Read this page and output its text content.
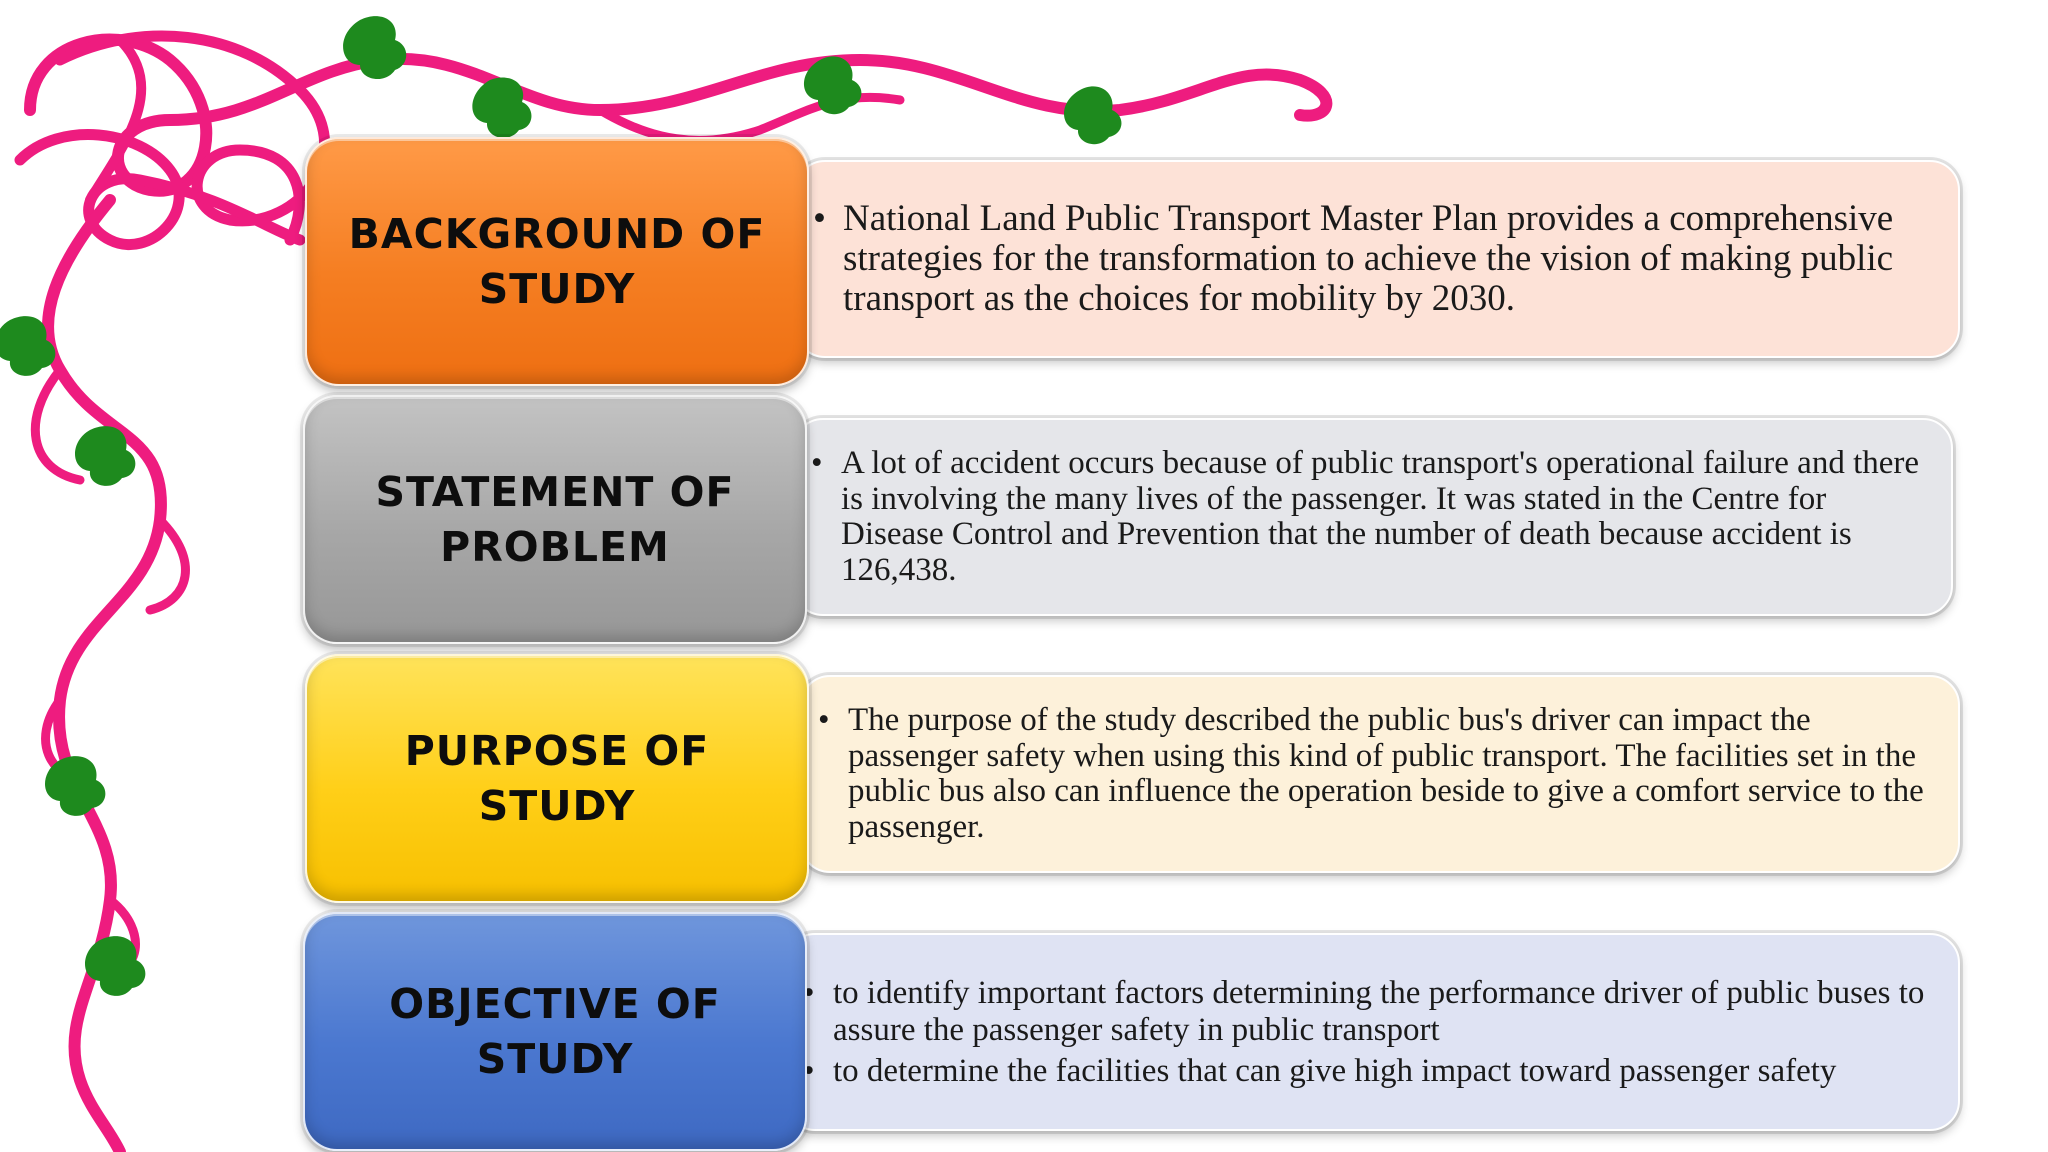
BACKGROUND OF
STUDY
• National Land Public Transport Master Plan provides a comprehensive strategies for the transformation to achieve the vision of making public transport as the choices for mobility by 2030.
STATEMENT OF
PROBLEM
• A lot of accident occurs because of public transport's operational failure and there is involving the many lives of the passenger. It was stated in the Centre for Disease Control and Prevention that the number of death because accident is 126,438.
PURPOSE OF
STUDY
• The purpose of the study described the public bus's driver can impact the passenger safety when using this kind of public transport. The facilities set in the public bus also can influence the operation beside to give a comfort service to the passenger.
OBJECTIVE OF
STUDY
• to identify important factors determining the performance driver of public buses to assure the passenger safety in public transport
• to determine the facilities that can give high impact toward passenger safety
